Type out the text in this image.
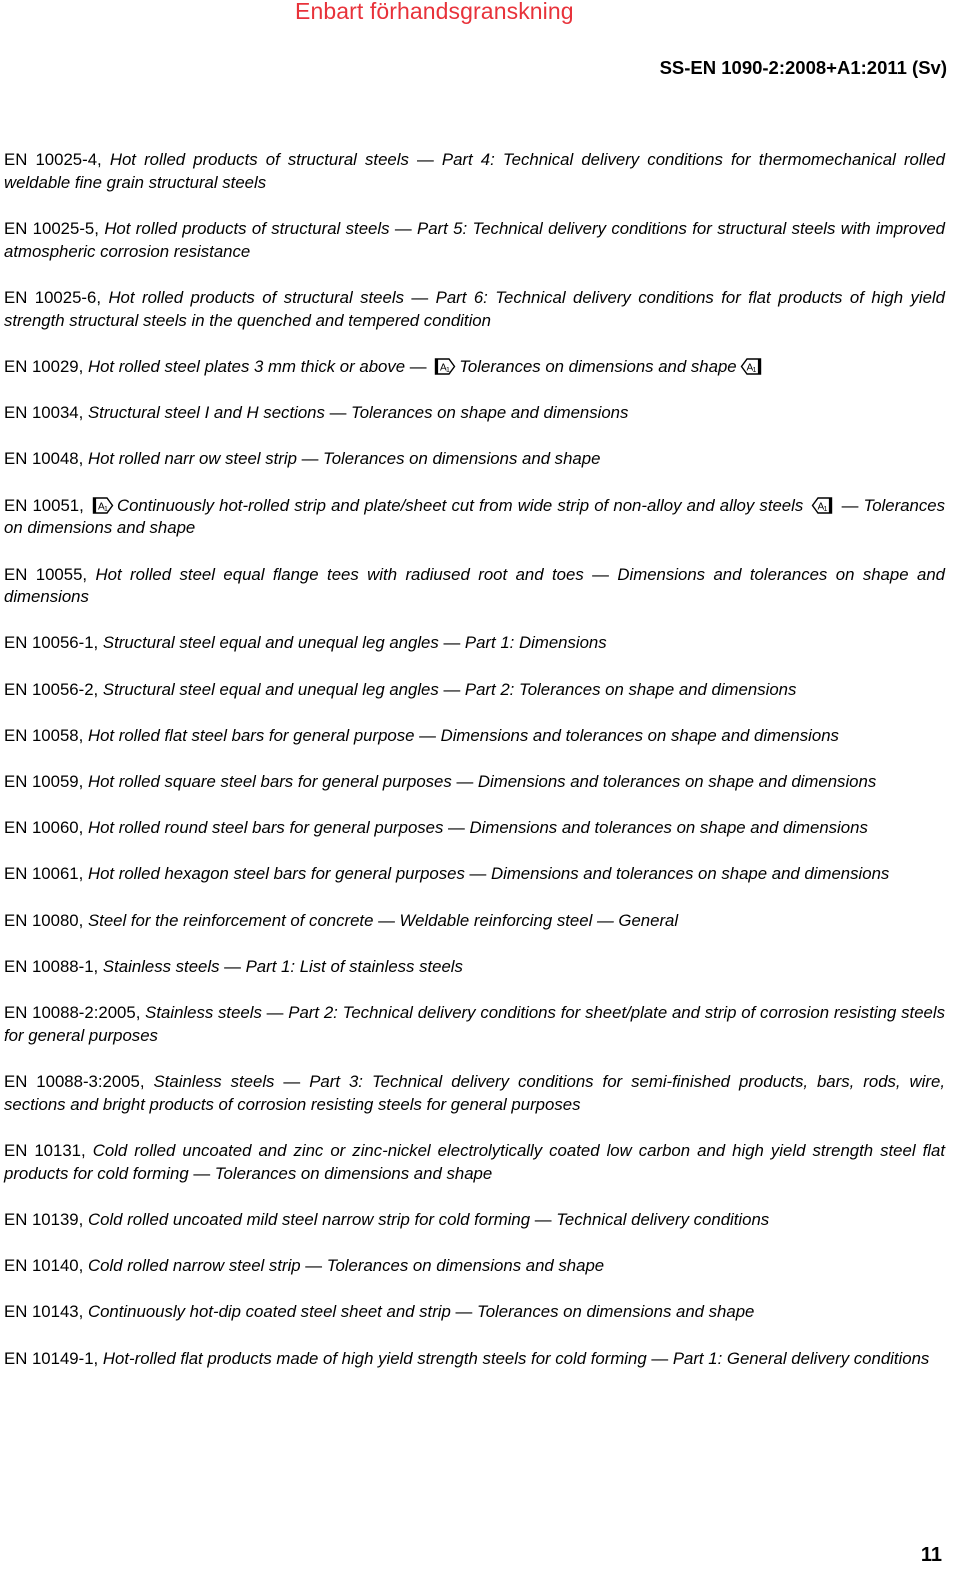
Enbart förhandsgranskning
SS-EN 1090-2:2008+A1:2011 (Sv)
EN 10025-4, Hot rolled products of structural steels — Part 4: Technical delivery conditions for thermomechanical rolled weldable fine grain structural steels
EN 10025-5, Hot rolled products of structural steels — Part 5: Technical delivery conditions for structural steels with improved atmospheric corrosion resistance
EN 10025-6, Hot rolled products of structural steels — Part 6: Technical delivery conditions for flat products of high yield strength structural steels in the quenched and tempered condition
EN 10029, Hot rolled steel plates 3 mm thick or above — A 1 Tolerances on dimensions and shape A 1
EN 10034, Structural steel I and H sections — Tolerances on shape and dimensions
EN 10048, Hot rolled narr ow steel strip — Tolerances on dimensions and shape
EN 10051, A 1 Continuously hot-rolled strip and plate/sheet cut from wide strip of non-alloy and alloy steels A 1 — Tolerances on dimensions and shape
EN 10055, Hot rolled steel equal flange tees with radiused root and toes — Dimensions and tolerances on shape and dimensions
EN 10056-1, Structural steel equal and unequal leg angles — Part 1: Dimensions
EN 10056-2, Structural steel equal and unequal leg angles — Part 2: Tolerances on shape and dimensions
EN 10058, Hot rolled flat steel bars for general purpose — Dimensions and tolerances on shape and dimensions
EN 10059, Hot rolled square steel bars for general purposes — Dimensions and tolerances on shape and dimensions
EN 10060, Hot rolled round steel bars for general purposes — Dimensions and tolerances on shape and dimensions
EN 10061, Hot rolled hexagon steel bars for general purposes — Dimensions and tolerances on shape and dimensions
EN 10080, Steel for the reinforcement of concrete — Weldable reinforcing steel — General
EN 10088-1, Stainless steels — Part 1: List of stainless steels
EN 10088-2:2005, Stainless steels — Part 2: Technical delivery conditions for sheet/plate and strip of corrosion resisting steels for general purposes
EN 10088-3:2005, Stainless steels — Part 3: Technical delivery conditions for semi-finished products, bars, rods, wire, sections and bright products of corrosion resisting steels for general purposes
EN 10131, Cold rolled uncoated and zinc or zinc-nickel electrolytically coated low carbon and high yield strength steel flat products for cold forming — Tolerances on dimensions and shape
EN 10139, Cold rolled uncoated mild steel narrow strip for cold forming — Technical delivery conditions
EN 10140, Cold rolled narrow steel strip — Tolerances on dimensions and shape
EN 10143, Continuously hot-dip coated steel sheet and strip — Tolerances on dimensions and shape
EN 10149-1, Hot-rolled flat products made of high yield strength steels for cold forming — Part 1: General delivery conditions
11
